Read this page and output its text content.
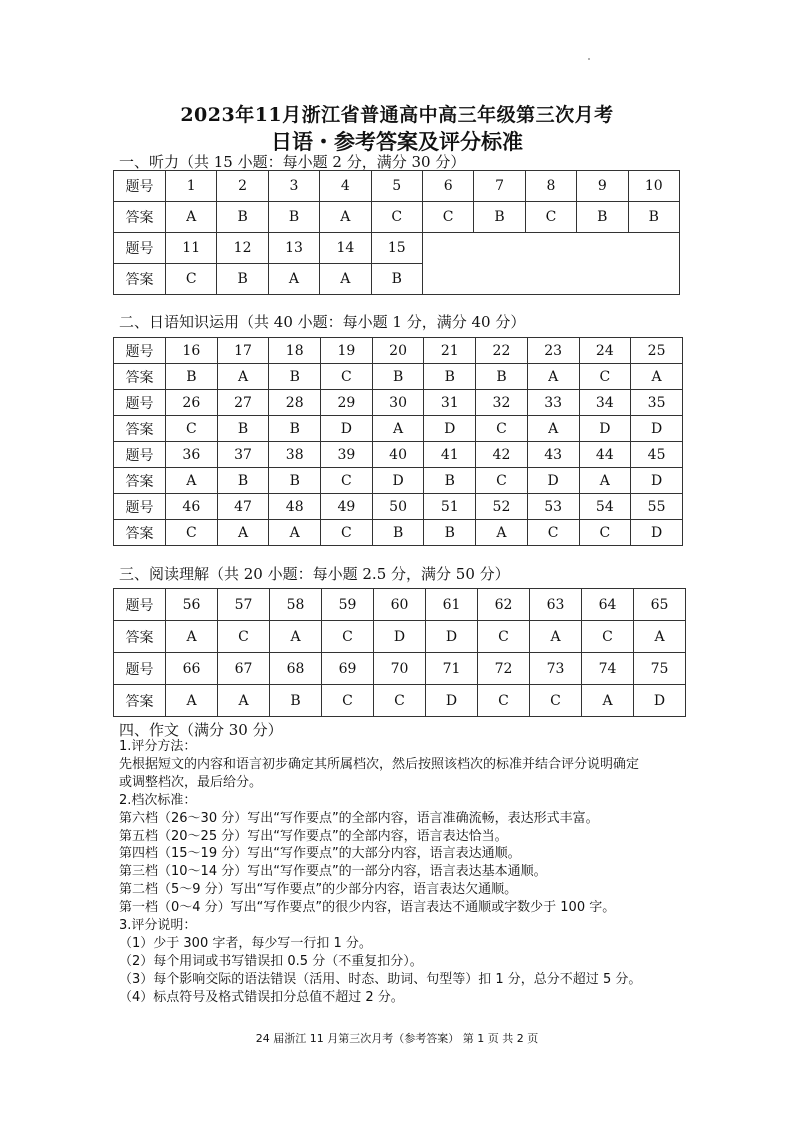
2023年11月浙江省普通高中高三年级第三次月考
日语・参考答案及评分标准
一、听力（共 15 小题：每小题 2 分，满分 30 分）
题号	1	2	3	4	5	6	7	8	9	10
答案	A	B	B	A	C	C	B	C	B	B
题号	11	12	13	14	15					
答案	C	B	A	A	B					
二、日语知识运用（共 40 小题：每小题 1 分，满分 40 分）
题号	16	17	18	19	20	21	22	23	24	25
答案	B	A	B	C	B	B	B	A	C	A
题号	26	27	28	29	30	31	32	33	34	35
答案	C	B	B	D	A	D	C	A	D	D
题号	36	37	38	39	40	41	42	43	44	45
答案	A	B	B	C	D	B	C	D	A	D
题号	46	47	48	49	50	51	52	53	54	55
答案	C	A	A	C	B	B	A	C	C	D
三、阅读理解（共 20 小题：每小题 2.5 分，满分 50 分）
题号	56	57	58	59	60	61	62	63	64	65
答案	A	C	A	C	D	D	C	A	C	A
题号	66	67	68	69	70	71	72	73	74	75
答案	A	A	B	C	C	D	C	C	A	D
四、作文（满分 30 分）

1.评分方法：

先根据短文的内容和语言初步确定其所属档次，然后按照该档次的标准并结合评分说明确定

或调整档次，最后给分。

2.档次标准：

第六档（26～30 分）写出“写作要点”的全部内容，语言准确流畅，表达形式丰富。

第五档（20～25 分）写出“写作要点”的全部内容，语言表达恰当。

第四档（15～19 分）写出“写作要点”的大部分内容，语言表达通顺。

第三档（10～14 分）写出“写作要点”的一部分内容，语言表达基本通顺。

第二档（5～9 分）写出“写作要点”的少部分内容，语言表达欠通顺。

第一档（0～4 分）写出“写作要点”的很少内容，语言表达不通顺或字数少于 100 字。

3.评分说明：

（1）少于 300 字者，每少写一行扣 1 分。

（2）每个用词或书写错误扣 0.5 分（不重复扣分）。

（3）每个影响交际的语法错误（活用、时态、助词、句型等）扣 1 分，总分不超过 5 分。

（4）标点符号及格式错误扣分总值不超过 2 分。

24 届浙江 11 月第三次月考（参考答案） 第 1 页 共 2 页
